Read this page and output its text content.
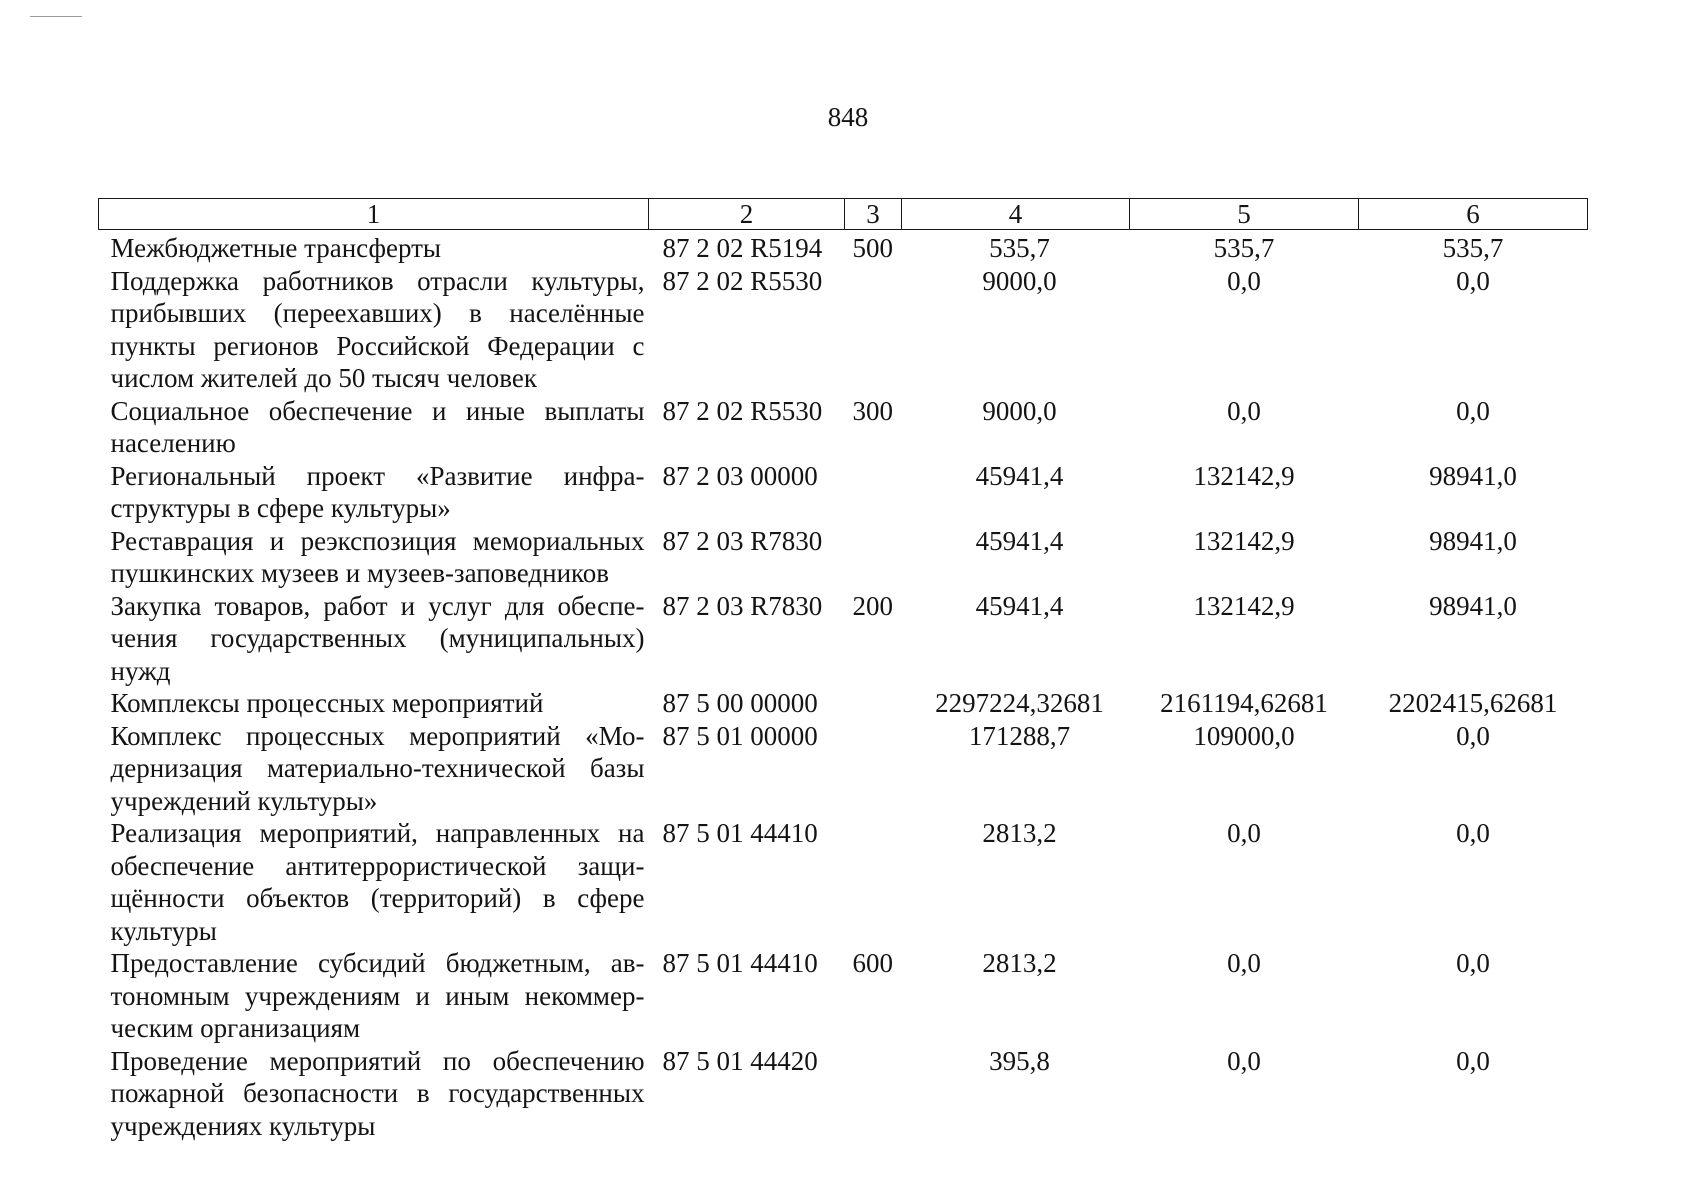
848
1	2	3	4	5	6
Межбюджетные трансферты	87 2 02 R5194	500	535,7	535,7	535,7
Поддержка работников отрасли культуры, прибывших (переехавших) в населённые пункты регионов Российской Федерации с числом жителей до 50 тысяч человек	87 2 02 R5530		9000,0	0,0	0,0
Социальное обеспечение и иные выплаты населению	87 2 02 R5530	300	9000,0	0,0	0,0
Региональный проект «Развитие инфраструктуры в сфере культуры»	87 2 03 00000		45941,4	132142,9	98941,0
Реставрация и реэкспозиция мемориальных пушкинских музеев и музеев-заповедников	87 2 03 R7830		45941,4	132142,9	98941,0
Закупка товаров, работ и услуг для обеспечения государственных (муниципальных) нужд	87 2 03 R7830	200	45941,4	132142,9	98941,0
Комплексы процессных мероприятий	87 5 00 00000		2297224,32681	2161194,62681	2202415,62681
Комплекс процессных мероприятий «Модернизация материально-технической базы учреждений культуры»	87 5 01 00000		171288,7	109000,0	0,0
Реализация мероприятий, направленных на обеспечение антитеррористической защищённости объектов (территорий) в сфере культуры	87 5 01 44410		2813,2	0,0	0,0
Предоставление субсидий бюджетным, автономным учреждениям и иным некоммерческим организациям	87 5 01 44410	600	2813,2	0,0	0,0
Проведение мероприятий по обеспечению пожарной безопасности в государственных учреждениях культуры	87 5 01 44420		395,8	0,0	0,0
